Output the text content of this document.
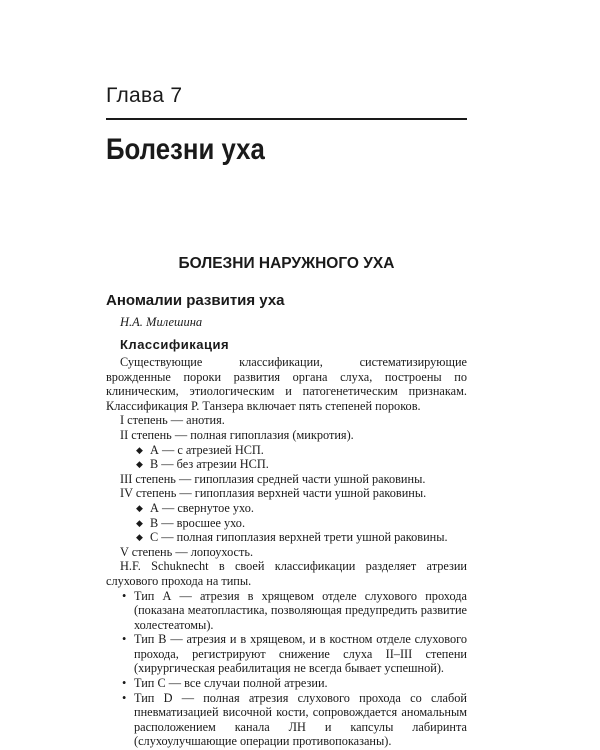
Глава 7
Болезни уха
БОЛЕЗНИ НАРУЖНОГО УХА
Аномалии развития уха
Н.А. Милешина
Классификация

Существующие классификации, систематизирующие врожденные пороки развития органа слуха, построены по клиническим, этиологическим и патогенетическим признакам. Классификация Р. Танзера включает пять степеней пороков.

I степень — анотия.

II степень — полная гипоплазия (микротия).

◆ А — с атрезией НСП.

◆ В — без атрезии НСП.

III степень — гипоплазия средней части ушной раковины.

IV степень — гипоплазия верхней части ушной раковины.

◆ А — свернутое ухо.

◆ В — вросшее ухо.

◆ С — полная гипоплазия верхней трети ушной раковины.

V степень — лопоухость.

H.F. Schuknecht в своей классификации разделяет атрезии слухового прохода на типы.

• Тип А — атрезия в хрящевом отделе слухового прохода (показана меатопластика, позволяющая предупредить развитие холестеатомы).

• Тип В — атрезия и в хрящевом, и в костном отделе слухового прохода, регистрируют снижение слуха II–III степени (хирургическая реабилитация не всегда бывает успешной).

• Тип С — все случаи полной атрезии.

• Тип D — полная атрезия слухового прохода со слабой пневматизацией височной кости, сопровождается аномальным расположением канала ЛН и капсулы лабиринта (слухоулучшающие операции противопоказаны).
